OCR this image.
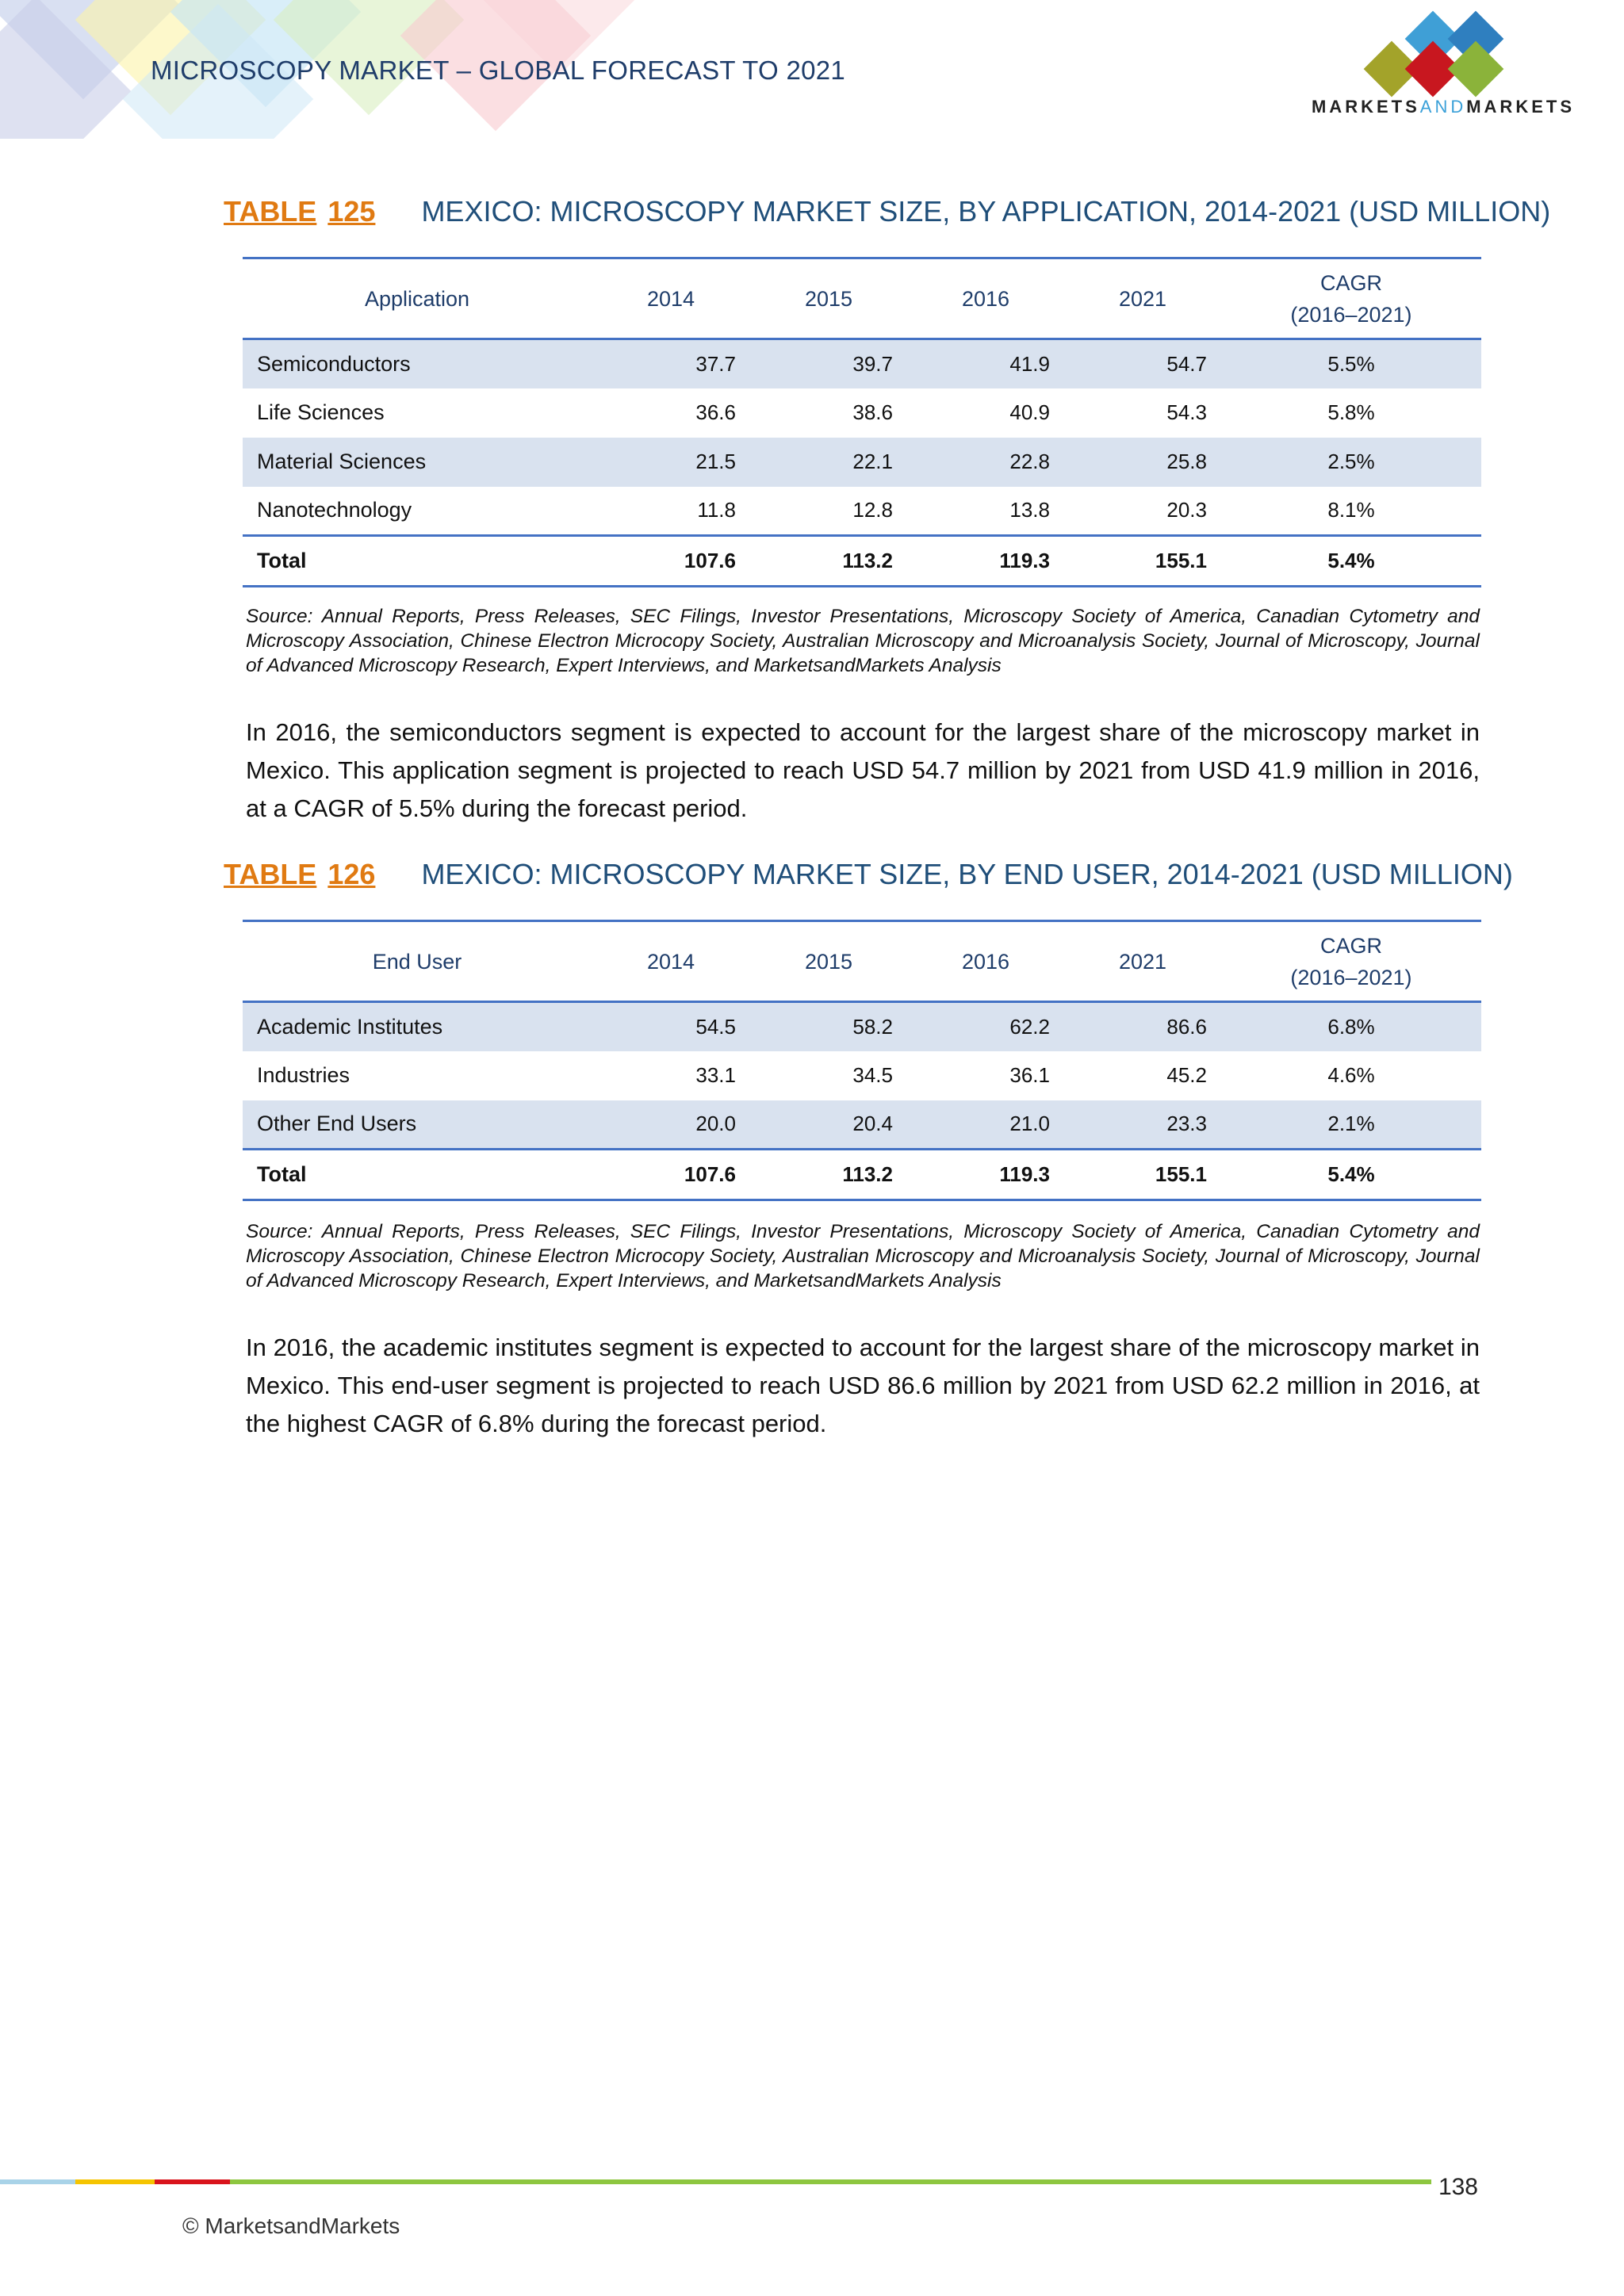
MICROSCOPY MARKET – GLOBAL FORECAST TO 2021
MARKETSANDMARKETS
TABLE 125 MEXICO: MICROSCOPY MARKET SIZE, BY APPLICATION, 2014-2021 (USD MILLION)
Application	2014	2015	2016	2021	CAGR
(2016–2021)
Semiconductors	37.7	39.7	41.9	54.7	5.5%
Life Sciences	36.6	38.6	40.9	54.3	5.8%
Material Sciences	21.5	22.1	22.8	25.8	2.5%
Nanotechnology	11.8	12.8	13.8	20.3	8.1%
Total	107.6	113.2	119.3	155.1	5.4%
Source: Annual Reports, Press Releases, SEC Filings, Investor Presentations, Microscopy Society of America, Canadian Cytometry and Microscopy Association, Chinese Electron Microcopy Society, Australian Microscopy and Microanalysis Society, Journal of Microscopy, Journal of Advanced Microscopy Research, Expert Interviews, and MarketsandMarkets Analysis
In 2016, the semiconductors segment is expected to account for the largest share of the microscopy market in Mexico. This application segment is projected to reach USD 54.7 million by 2021 from USD 41.9 million in 2016, at a CAGR of 5.5% during the forecast period.
TABLE 126 MEXICO: MICROSCOPY MARKET SIZE, BY END USER, 2014-2021 (USD MILLION)
End User	2014	2015	2016	2021	CAGR
(2016–2021)
Academic Institutes	54.5	58.2	62.2	86.6	6.8%
Industries	33.1	34.5	36.1	45.2	4.6%
Other End Users	20.0	20.4	21.0	23.3	2.1%
Total	107.6	113.2	119.3	155.1	5.4%
Source: Annual Reports, Press Releases, SEC Filings, Investor Presentations, Microscopy Society of America, Canadian Cytometry and Microscopy Association, Chinese Electron Microcopy Society, Australian Microscopy and Microanalysis Society, Journal of Microscopy, Journal of Advanced Microscopy Research, Expert Interviews, and MarketsandMarkets Analysis
In 2016, the academic institutes segment is expected to account for the largest share of the microscopy market in Mexico. This end-user segment is projected to reach USD 86.6 million by 2021 from USD 62.2 million in 2016, at the highest CAGR of 6.8% during the forecast period.
138
© MarketsandMarkets
